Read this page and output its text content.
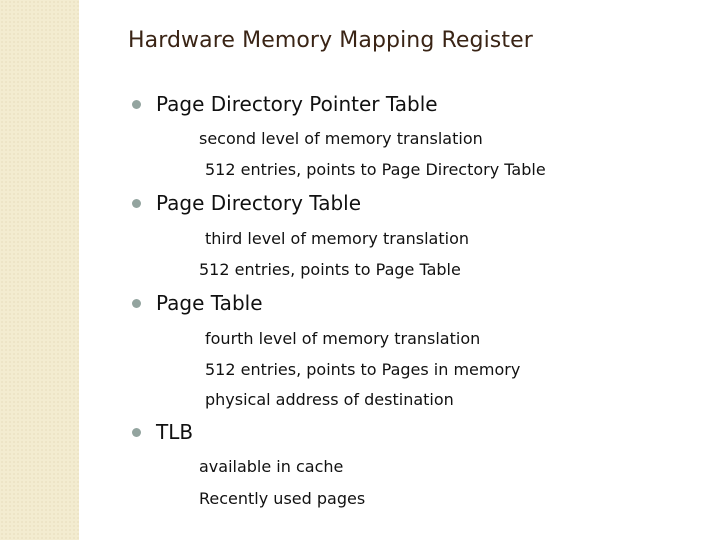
Hardware Memory Mapping Register
Page Directory Pointer Table
second level of memory translation
512 entries, points to Page Directory Table
Page Directory Table
third level of memory translation
512 entries, points to Page Table
Page Table
fourth level of memory translation
512 entries, points to Pages in memory
physical address of destination
TLB
available in cache
Recently used pages
